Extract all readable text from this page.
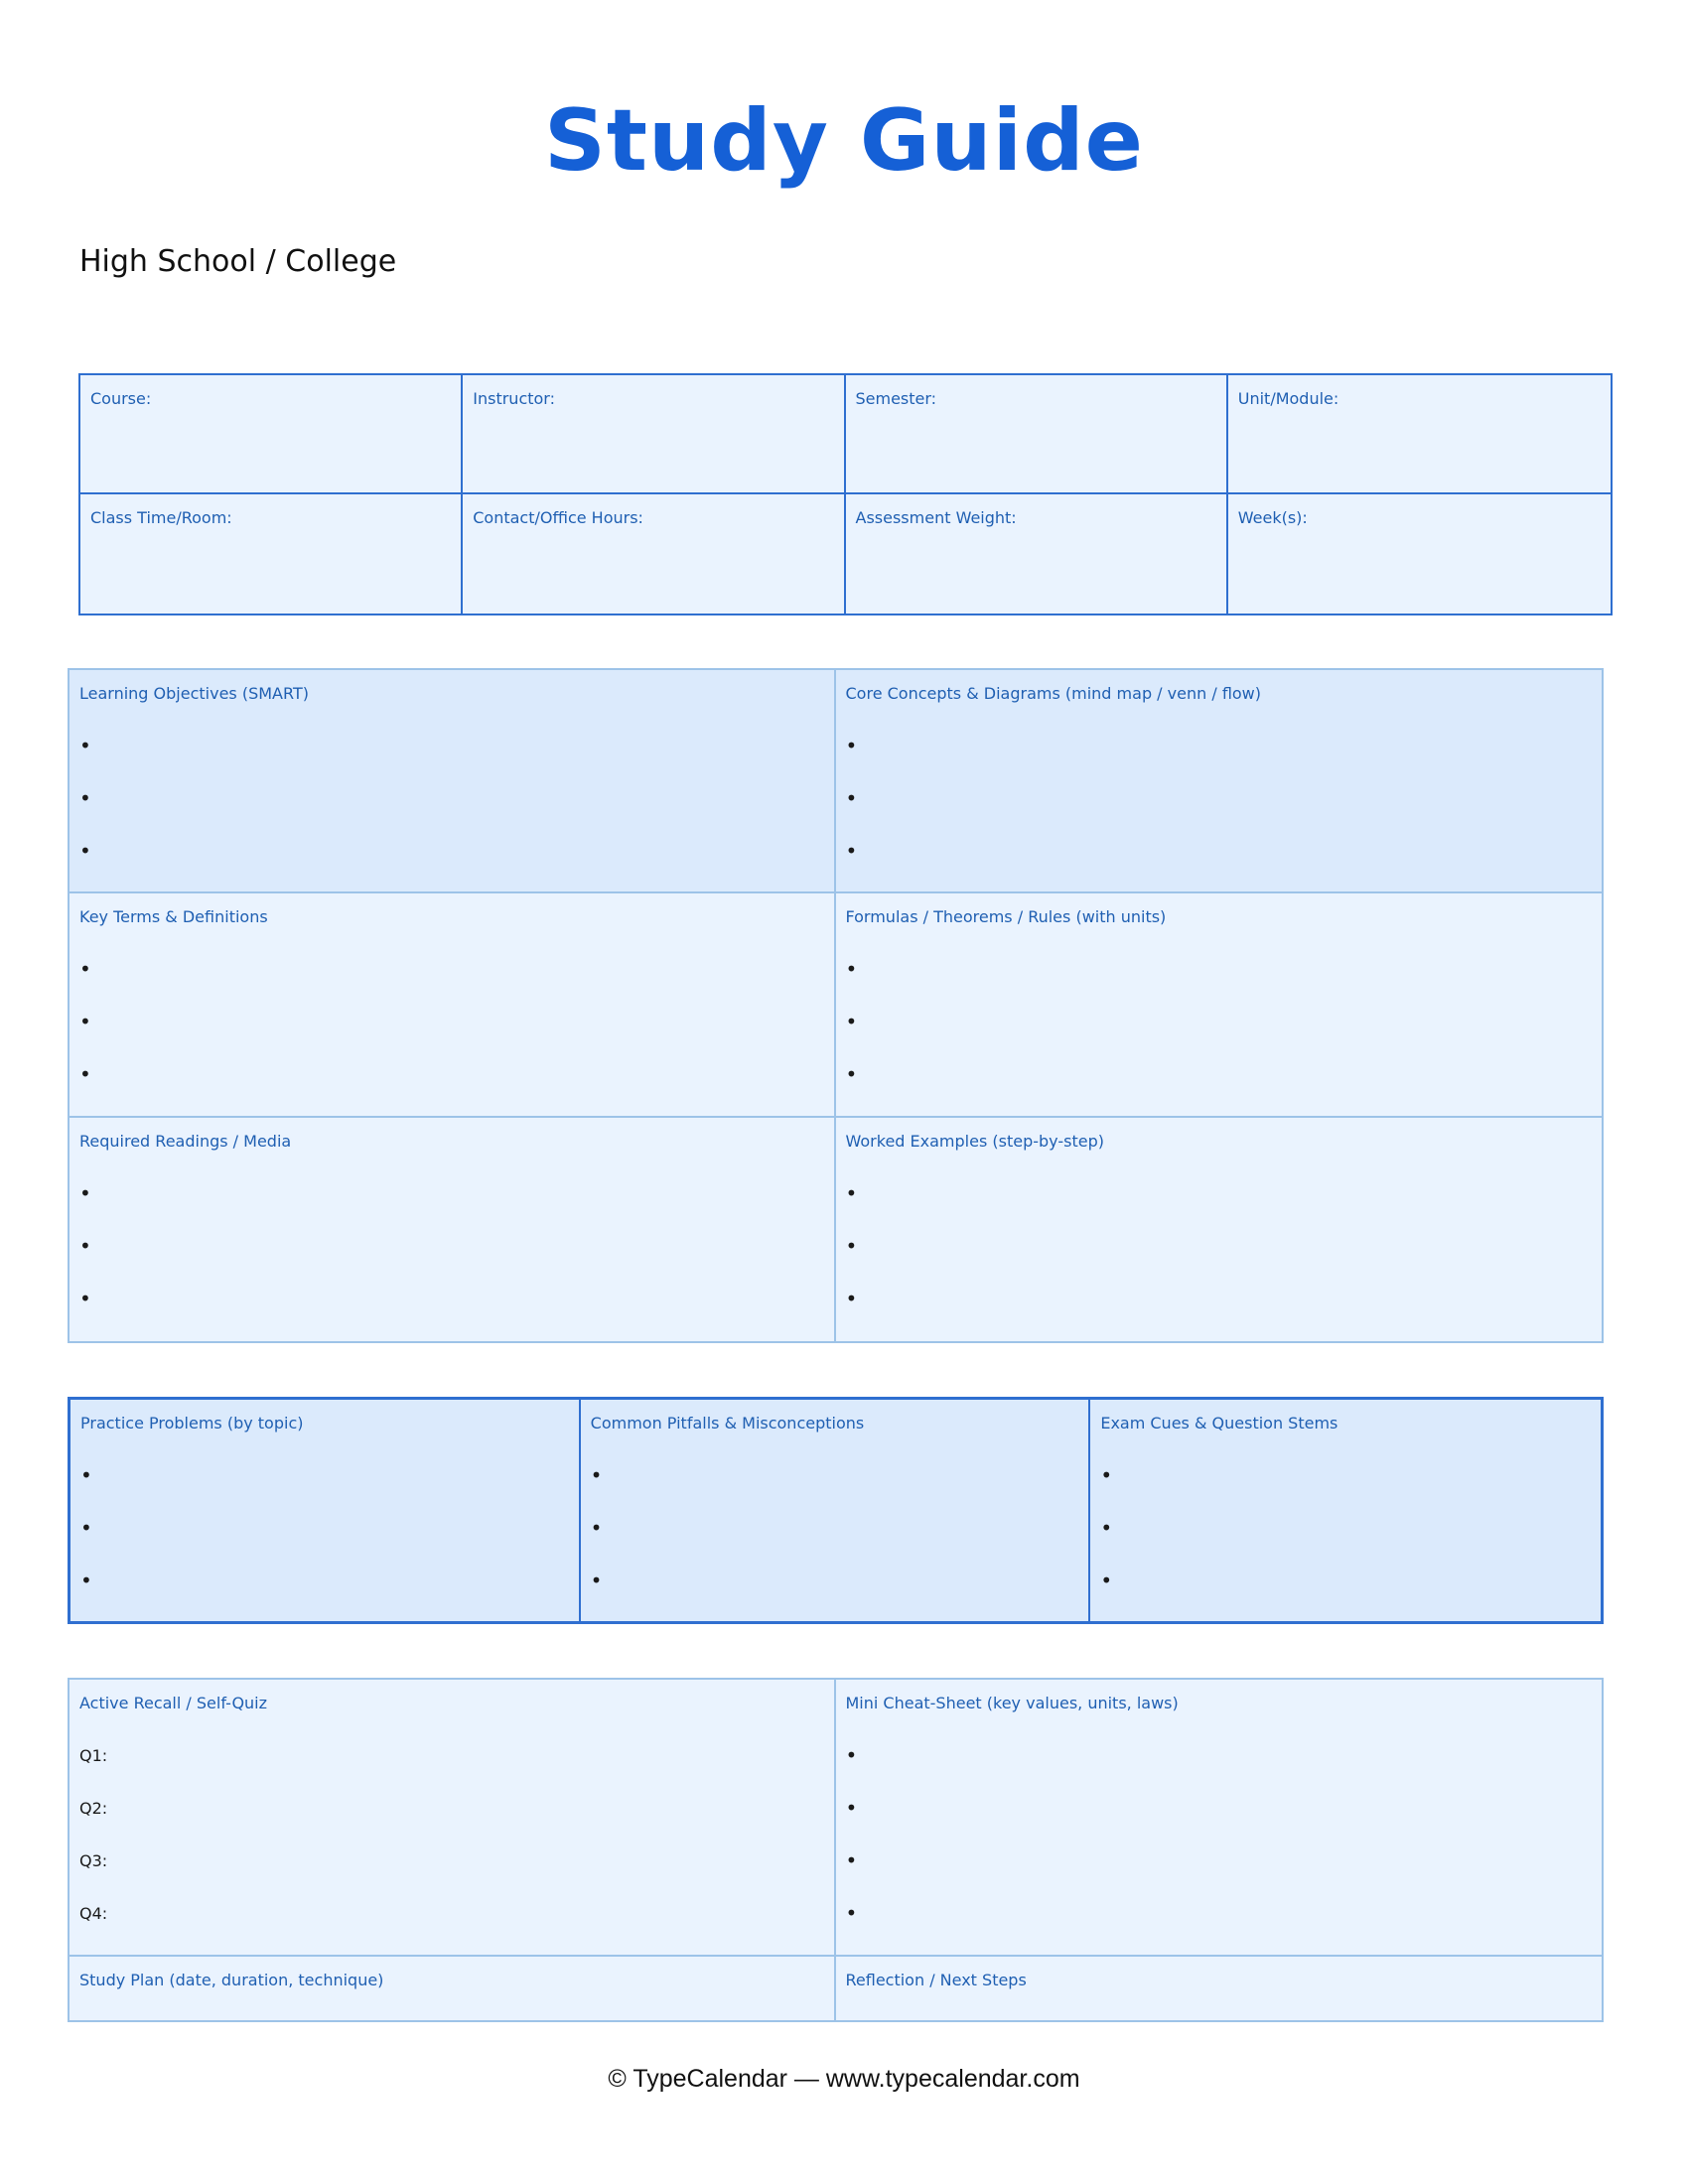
Study Guide
High School / College
Course:	Instructor:	Semester:	Unit/Module:
Class Time/Room:	Contact/Office Hours:	Assessment Weight:	Week(s):
Learning Objectives (SMART)
•
•
•
Core Concepts & Diagrams (mind map / venn / flow)
•
•
•
Key Terms & Definitions
•
•
•
Formulas / Theorems / Rules (with units)
•
•
•
Required Readings / Media
•
•
•
Worked Examples (step-by-step)
•
•
•
Practice Problems (by topic)
•
•
•
Common Pitfalls & Misconceptions
•
•
•
Exam Cues & Question Stems
•
•
•
Active Recall / Self-Quiz
Q1:
Q2:
Q3:
Q4:
Mini Cheat-Sheet (key values, units, laws)
•
•
•
•
Study Plan (date, duration, technique)	Reflection / Next Steps
© TypeCalendar — www.typecalendar.com
